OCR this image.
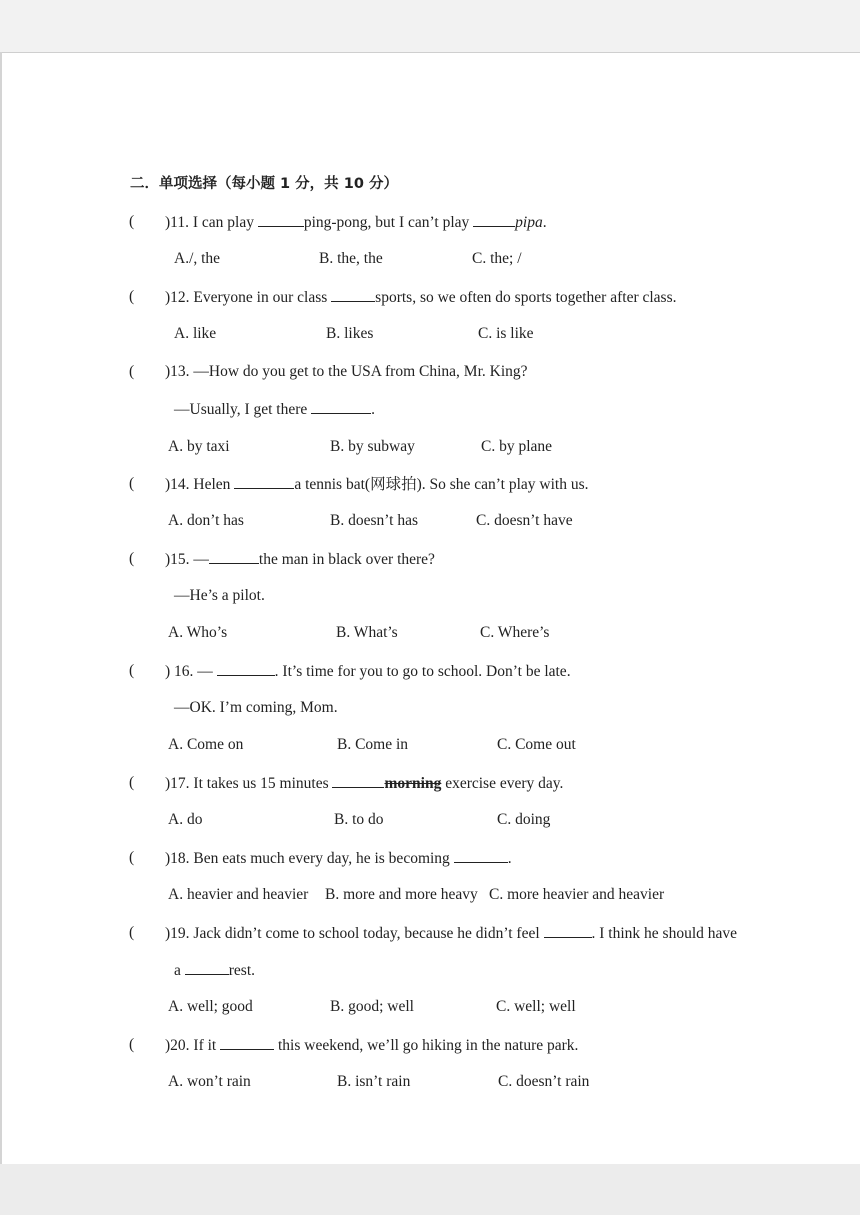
二．单项选择（每小题 1 分，共 10 分）
( )11. I can play	ping-pong, but I can’t play	pipa.
A./, the	B. the, the	C. the; /
( )12. Everyone in our class	sports, so we often do sports together after class.
A. like	B. likes	C. is like
( )13. —How do you get to the USA from China, Mr. King?
—Usually, I get there	.
A. by taxi	B. by subway	C. by plane
( )14. Helen	a tennis bat(网球拍). So she can’t play with us.
A. don’t has	B. doesn’t has	C. doesn’t have
( )15. —	the man in black over there?
—He’s a pilot.
A. Who’s	B. What’s	C. Where’s
( ) 16. —	. It’s time for you to go to school. Don’t be late.
—OK. I’m coming, Mom.
A. Come on	B. Come in	C. Come out
( )17. It takes us 15 minutes	morning exercise every day.
A. do	B. to do	C. doing
( )18. Ben eats much every day, he is becoming	.
A. heavier and heavier B. more and more heavy C. more heavier and heavier
( )19. Jack didn’t come to school today, because he didn’t feel	. I think he should have
a	rest.
A. well; good	B. good; well	C. well; well
( )20. If it	this weekend, we’ll go hiking in the nature park.
A. won’t rain	B. isn’t rain	C. doesn’t rain
